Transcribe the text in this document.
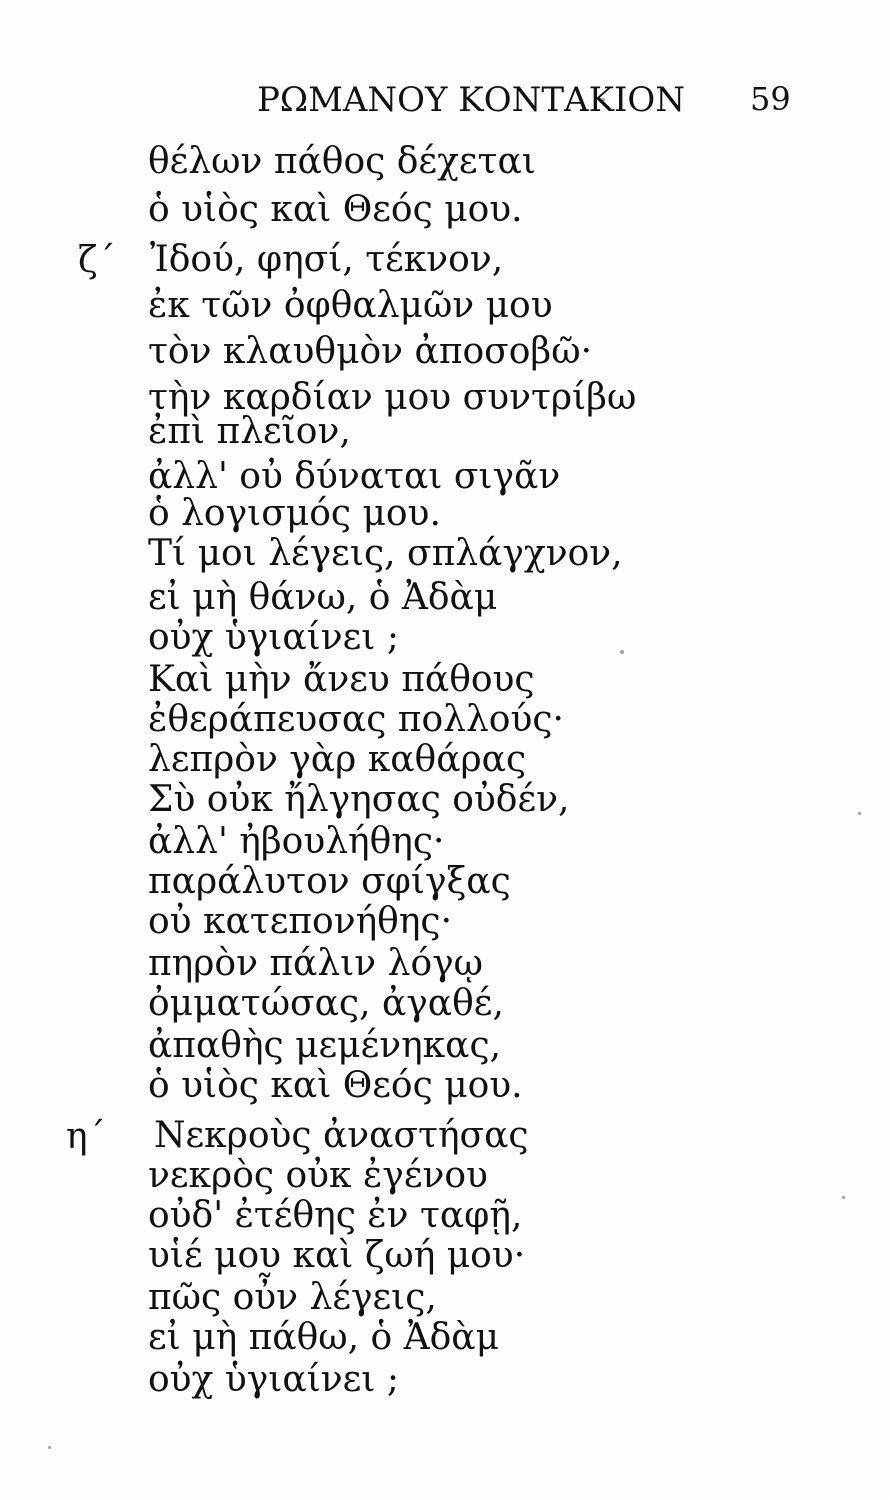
ΡΩΜΑΝΟΥ ΚΟΝΤΑΚΙΟΝ 59
θέλων πάθος δέχεται
ὁ υἱὸς καὶ Θεός μου.
ζ΄ Ἰδού, φησί, τέκνον,
ἐκ τῶν ὀφθαλμῶν μου
τὸν κλαυθμὸν ἀποσοβῶ·
τὴν καρδίαν μου συντρίβω
ἐπὶ πλεῖον,
ἀλλ' οὐ δύναται σιγᾶν
ὁ λογισμός μου.
Τί μοι λέγεις, σπλάγχνον,
εἰ μὴ θάνω, ὁ Ἀδὰμ
οὐχ ὑγιαίνει ;
Καὶ μὴν ἄνευ πάθους
ἐθεράπευσας πολλούς·
λεπρὸν γὰρ καθάρας
Σὺ οὐκ ἤλγησας οὐδέν,
ἀλλ' ἠβουλήθης·
παράλυτον σφίγξας
οὐ κατεπονήθης·
πηρὸν πάλιν λόγῳ
ὀμματώσας, ἀγαθέ,
ἀπαθὴς μεμένηκας,
ὁ υἱὸς καὶ Θεός μου.
η΄ Νεκροὺς ἀναστήσας
νεκρὸς οὐκ ἐγένου
οὐδ' ἐτέθης ἐν ταφῇ,
υἱέ μου καὶ ζωή μου·
πῶς οὖν λέγεις,
εἰ μὴ πάθω, ὁ Ἀδὰμ
οὐχ ὑγιαίνει ;
